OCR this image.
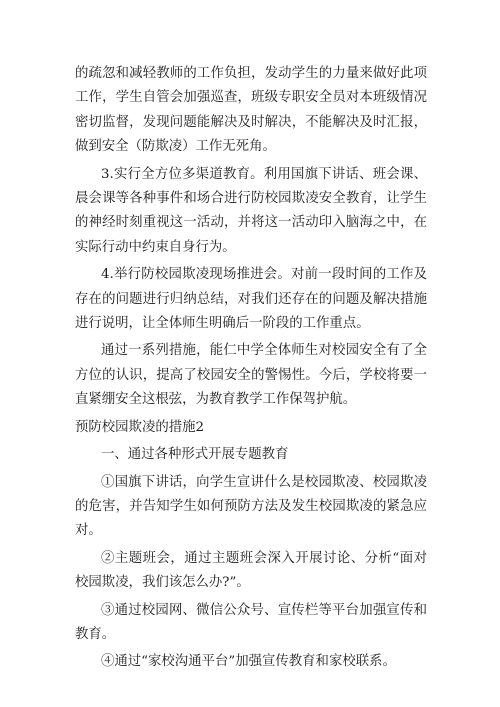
的疏忽和减轻教师的工作负担，发动学生的力量来做好此项工作，学生自管会加强巡查，班级专职安全员对本班级情况密切监督，发现问题能解决及时解决，不能解决及时汇报，做到安全（防欺凌）工作无死角。

3.实行全方位多渠道教育。利用国旗下讲话、班会课、晨会课等各种事件和场合进行防校园欺凌安全教育，让学生的神经时刻重视这一活动，并将这一活动印入脑海之中，在实际行动中约束自身行为。

4.举行防校园欺凌现场推进会。对前一段时间的工作及存在的问题进行归纳总结，对我们还存在的问题及解决措施进行说明，让全体师生明确后一阶段的工作重点。

通过一系列措施，能仁中学全体师生对校园安全有了全方位的认识，提高了校园安全的警惕性。今后，学校将要一直紧绷安全这根弦，为教育教学工作保驾护航。

预防校园欺凌的措施2

一、通过各种形式开展专题教育

①国旗下讲话，向学生宣讲什么是校园欺凌、校园欺凌的危害，并告知学生如何预防方法及发生校园欺凌的紧急应对。

②主题班会，通过主题班会深入开展讨论、分析“面对校园欺凌，我们该怎么办?”。

③通过校园网、微信公众号、宣传栏等平台加强宣传和教育。

④通过“家校沟通平台”加强宣传教育和家校联系。
